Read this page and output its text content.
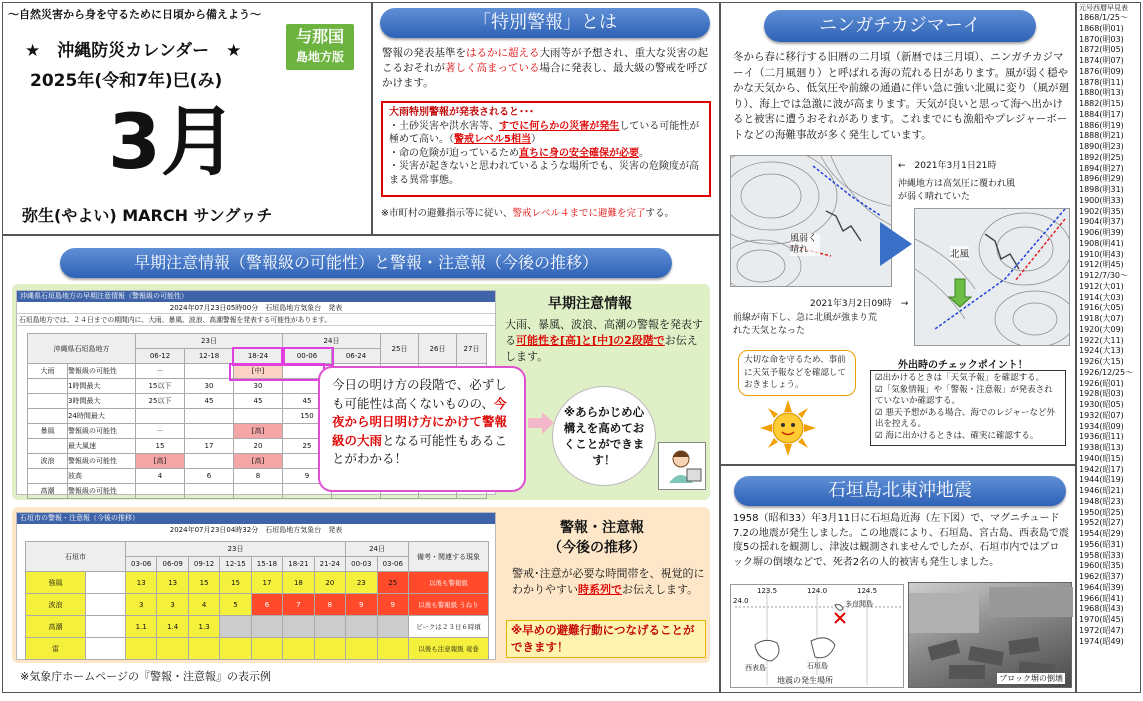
〜自然災害から身を守るために日頃から備えよう〜
★　沖縄防災カレンダー　★
与那国
島地方版
2025年(令和7年)巳(み)
3月
弥生(やよい) MARCH サングヮチ
「特別警報」とは
警報の発表基準をはるかに超える大雨等が予想され、重大な災害の起こるおそれが著しく高まっている場合に発表し、最大級の警戒を呼びかけます。
大雨特別警報が発表されると･･･
・土砂災害や洪水害等、すでに何らかの災害が発生している可能性が極めて高い。（警戒レベル5相当）
・命の危険が迫っているため直ちに身の安全確保が必要。
・災害が起きないと思われているような場所でも、災害の危険度が高まる異常事態。
※市町村の避難指示等に従い、警戒レベル４までに避難を完了する。
ニンガチカジマーイ
冬から春に移行する旧暦の二月頃（新暦では三月頃）、ニンガチカジマーイ（二月風廻り）と呼ばれる海の荒れる日があります。風が弱く穏やかな天気から、低気圧や前線の通過に伴い急に強い北風に変り（風が廻り）、海上では急激に波が高まります。天気が良いと思って海へ出かけると被害に遭うおそれがあります。これまでにも漁船やプレジャーボートなどの海難事故が多く発生しています。
風弱く晴れ
←　2021年3月1日21時
沖縄地方は高気圧に覆われ風が弱く晴れていた
北風
2021年3月2日09時　→
前線が南下し、急に北風が強まり荒れた天気となった
大切な命を守るため、事前に天気予報などを確認しておきましょう。
外出時のチェックポイント！
☑出かけるときは「天気予報」を確認する。
☑「気象情報」や「警報・注意報」が発表されていないか確認する。
☑ 悪天予想がある場合、海でのレジャーなど外出を控える。
☑ 海に出かけるときは、確実に確認する。
石垣島北東沖地震
1958（昭和33）年3月11日に石垣島近海（左下図）で、マグニチュード7.2の地震が発生しました。この地震により、石垣島、宮古島、西表島で震度5の揺れを観測し、津波は観測されませんでしたが、石垣市内ではブロック塀の倒壊などで、死者2名の人的被害も発生しました。
24.0
123.5	124.0	124.5
西表島	石垣島
多良間島
地震の発生場所	ブロック塀の倒壊
早期注意情報（警報級の可能性）と警報・注意報（今後の推移）
沖縄県石垣島地方の早期注意情報（警報級の可能性）
2024年07月23日05時00分　石垣島地方気象台　発表
石垣島地方では、２４日までの期間内に、大雨、暴風、波浪、高潮警報を発表する可能性があります。
沖縄県石垣島地方		23日			24日		25日	26日	27日
		06-12	12-18	18-24	00-06	06-24			
大雨	警報級の可能性	－		[中]					
	1時間最大	15以下	30	30					
	3時間最大	25以下	45	45	45				
	24時間最大				150				
暴風	警報級の可能性	－		[高]					
	最大風速	15	17	20	25				
波浪	警報級の可能性	[高]		[高]					
	波高	4	6	8	9				
高潮	警報級の可能性								
早期注意情報
大雨、暴風、波浪、高潮の警報を発表する可能性を[高]と[中]の2段階でお伝えします。
今日の明け方の段階で、必ずしも可能性は高くないものの、今夜から明日明け方にかけて警報級の大雨となる可能性もあることがわかる！
※あらかじめ心構えを高めておくことができます！
石垣市の警報・注意報（今後の推移）
2024年07月23日04時32分　石垣島地方気象台　発表
石垣市		23日							24日		備考・関連する現象
		03-06	06-09	09-12	12-15	15-18	18-21	21-24	00-03	03-06	
強風		13	13	15	15	17	18	20	23	25	以後も警報級
波浪		3	3	4	5	6	7	8	9	9	以後も警報級 うねり
高潮		1.1	1.4	1.3							ピークは２３日６時頃
雷											以後も注意報級 竜巻
警報・注意報
（今後の推移）
警戒･注意が必要な時間帯を、視覚的にわかりやすい時系列でお伝えします。
※早めの避難行動につなげることができます！
※気象庁ホームページの『警報・注意報』の表示例
元号西暦早見表
1868/1/25〜
1868(明01)
1870(明03)
1872(明05)
1874(明07)
1876(明09)
1878(明11)
1880(明13)
1882(明15)
1884(明17)
1886(明19)
1888(明21)
1890(明23)
1892(明25)
1894(明27)
1896(明29)
1898(明31)
1900(明33)
1902(明35)
1904(明37)
1906(明39)
1908(明41)
1910(明43)
1912(明45)
1912/7/30〜
1912(大01)
1914(大03)
1916(大05)
1918(大07)
1920(大09)
1922(大11)
1924(大13)
1926(大15)
1926/12/25〜
1926(昭01)
1928(昭03)
1930(昭05)
1932(昭07)
1934(昭09)
1936(昭11)
1938(昭13)
1940(昭15)
1942(昭17)
1944(昭19)
1946(昭21)
1948(昭23)
1950(昭25)
1952(昭27)
1954(昭29)
1956(昭31)
1958(昭33)
1960(昭35)
1962(昭37)
1964(昭39)
1966(昭41)
1968(昭43)
1970(昭45)
1972(昭47)
1974(昭49)
